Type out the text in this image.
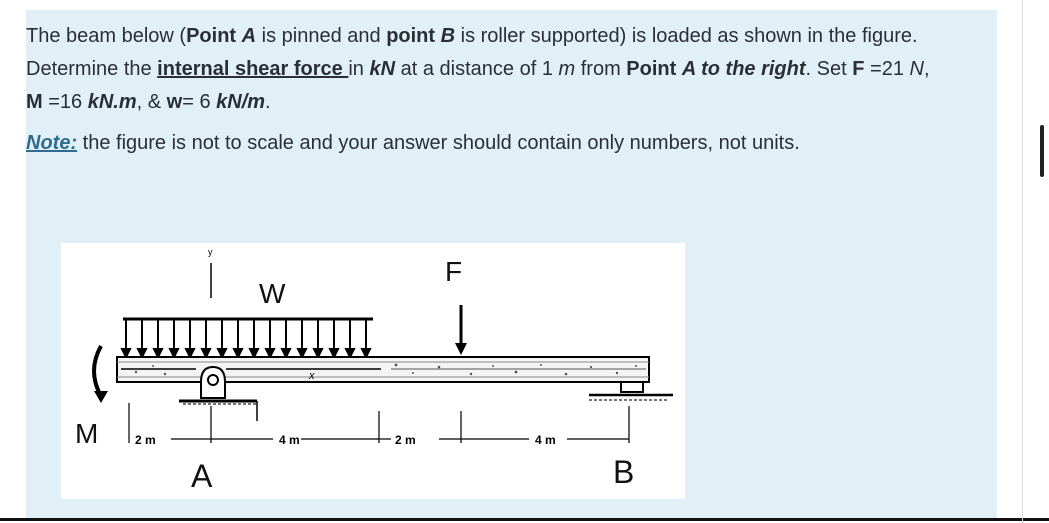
The beam below (Point A is pinned and point B is roller supported) is loaded as shown in the figure. Determine the internal shear force in kN at a distance of 1 m from Point A to the right. Set F =21 N, M =16 kN.m, & w= 6 kN/m.
Note: the figure is not to scale and your answer should contain only numbers, not units.
y
W
F
x
M	2 m	4 m	2 m	4 m
A	B
